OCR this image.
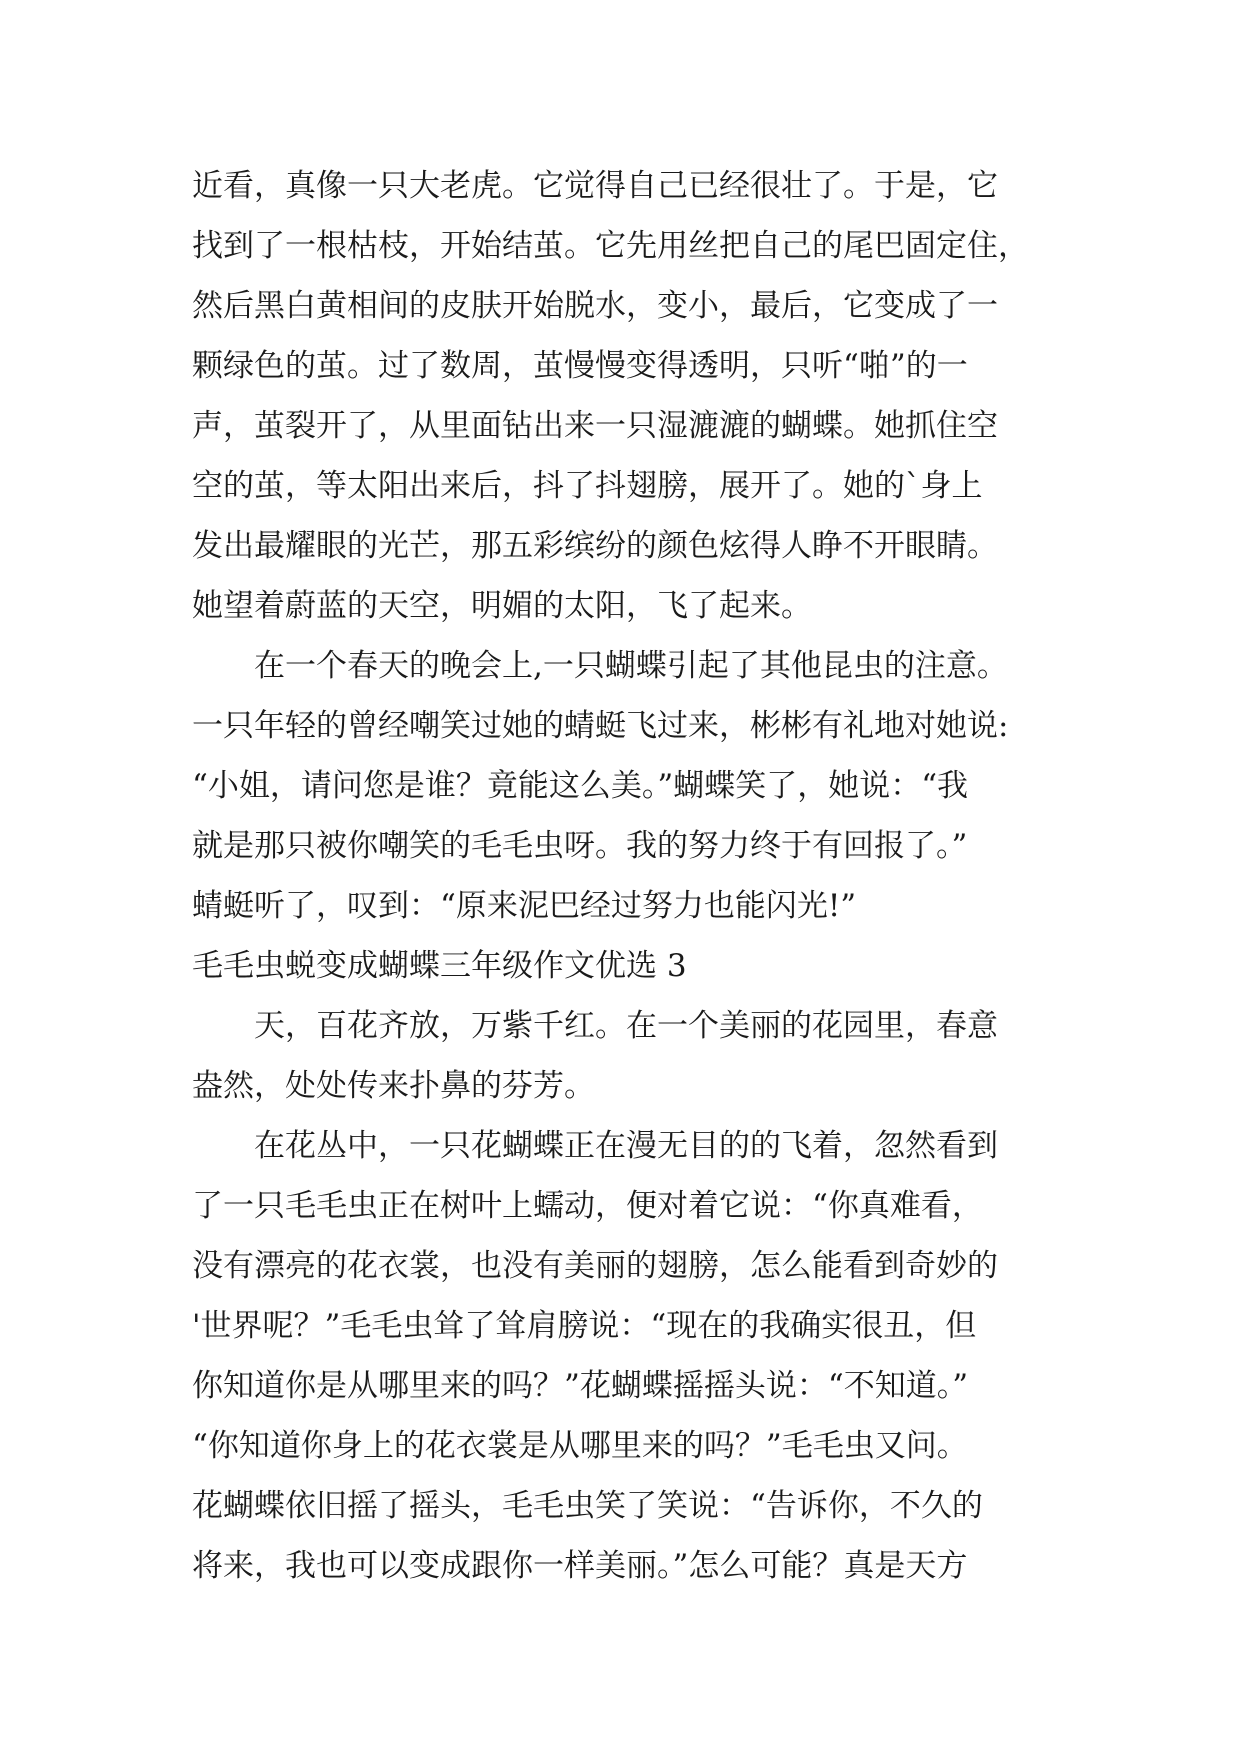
近看，真像一只大老虎。它觉得自己已经很壮了。于是，它
找到了一根枯枝，开始结茧。它先用丝把自己的尾巴固定住，
然后黑白黄相间的皮肤开始脱水，变小，最后，它变成了一
颗绿色的茧。过了数周，茧慢慢变得透明，只听“啪”的一
声，茧裂开了，从里面钻出来一只湿漉漉的蝴蝶。她抓住空
空的茧，等太阳出来后，抖了抖翅膀，展开了。她的`身上
发出最耀眼的光芒，那五彩缤纷的颜色炫得人睁不开眼睛。
她望着蔚蓝的天空，明媚的太阳，飞了起来。
　　在一个春天的晚会上,一只蝴蝶引起了其他昆虫的注意。
一只年轻的曾经嘲笑过她的蜻蜓飞过来，彬彬有礼地对她说:
“小姐，请问您是谁？竟能这么美。”蝴蝶笑了，她说：“我
就是那只被你嘲笑的毛毛虫呀。我的努力终于有回报了。”
蜻蜓听了，叹到：“原来泥巴经过努力也能闪光!”
毛毛虫蜕变成蝴蝶三年级作文优选 3
　　天，百花齐放，万紫千红。在一个美丽的花园里，春意
盎然，处处传来扑鼻的芬芳。
　　在花丛中，一只花蝴蝶正在漫无目的的飞着，忽然看到
了一只毛毛虫正在树叶上蠕动，便对着它说：“你真难看，
没有漂亮的花衣裳，也没有美丽的翅膀，怎么能看到奇妙的
'世界呢？”毛毛虫耸了耸肩膀说：“现在的我确实很丑，但
你知道你是从哪里来的吗？”花蝴蝶摇摇头说：“不知道。”
“你知道你身上的花衣裳是从哪里来的吗？”毛毛虫又问。
花蝴蝶依旧摇了摇头，毛毛虫笑了笑说：“告诉你，不久的
将来，我也可以变成跟你一样美丽。”怎么可能？真是天方
